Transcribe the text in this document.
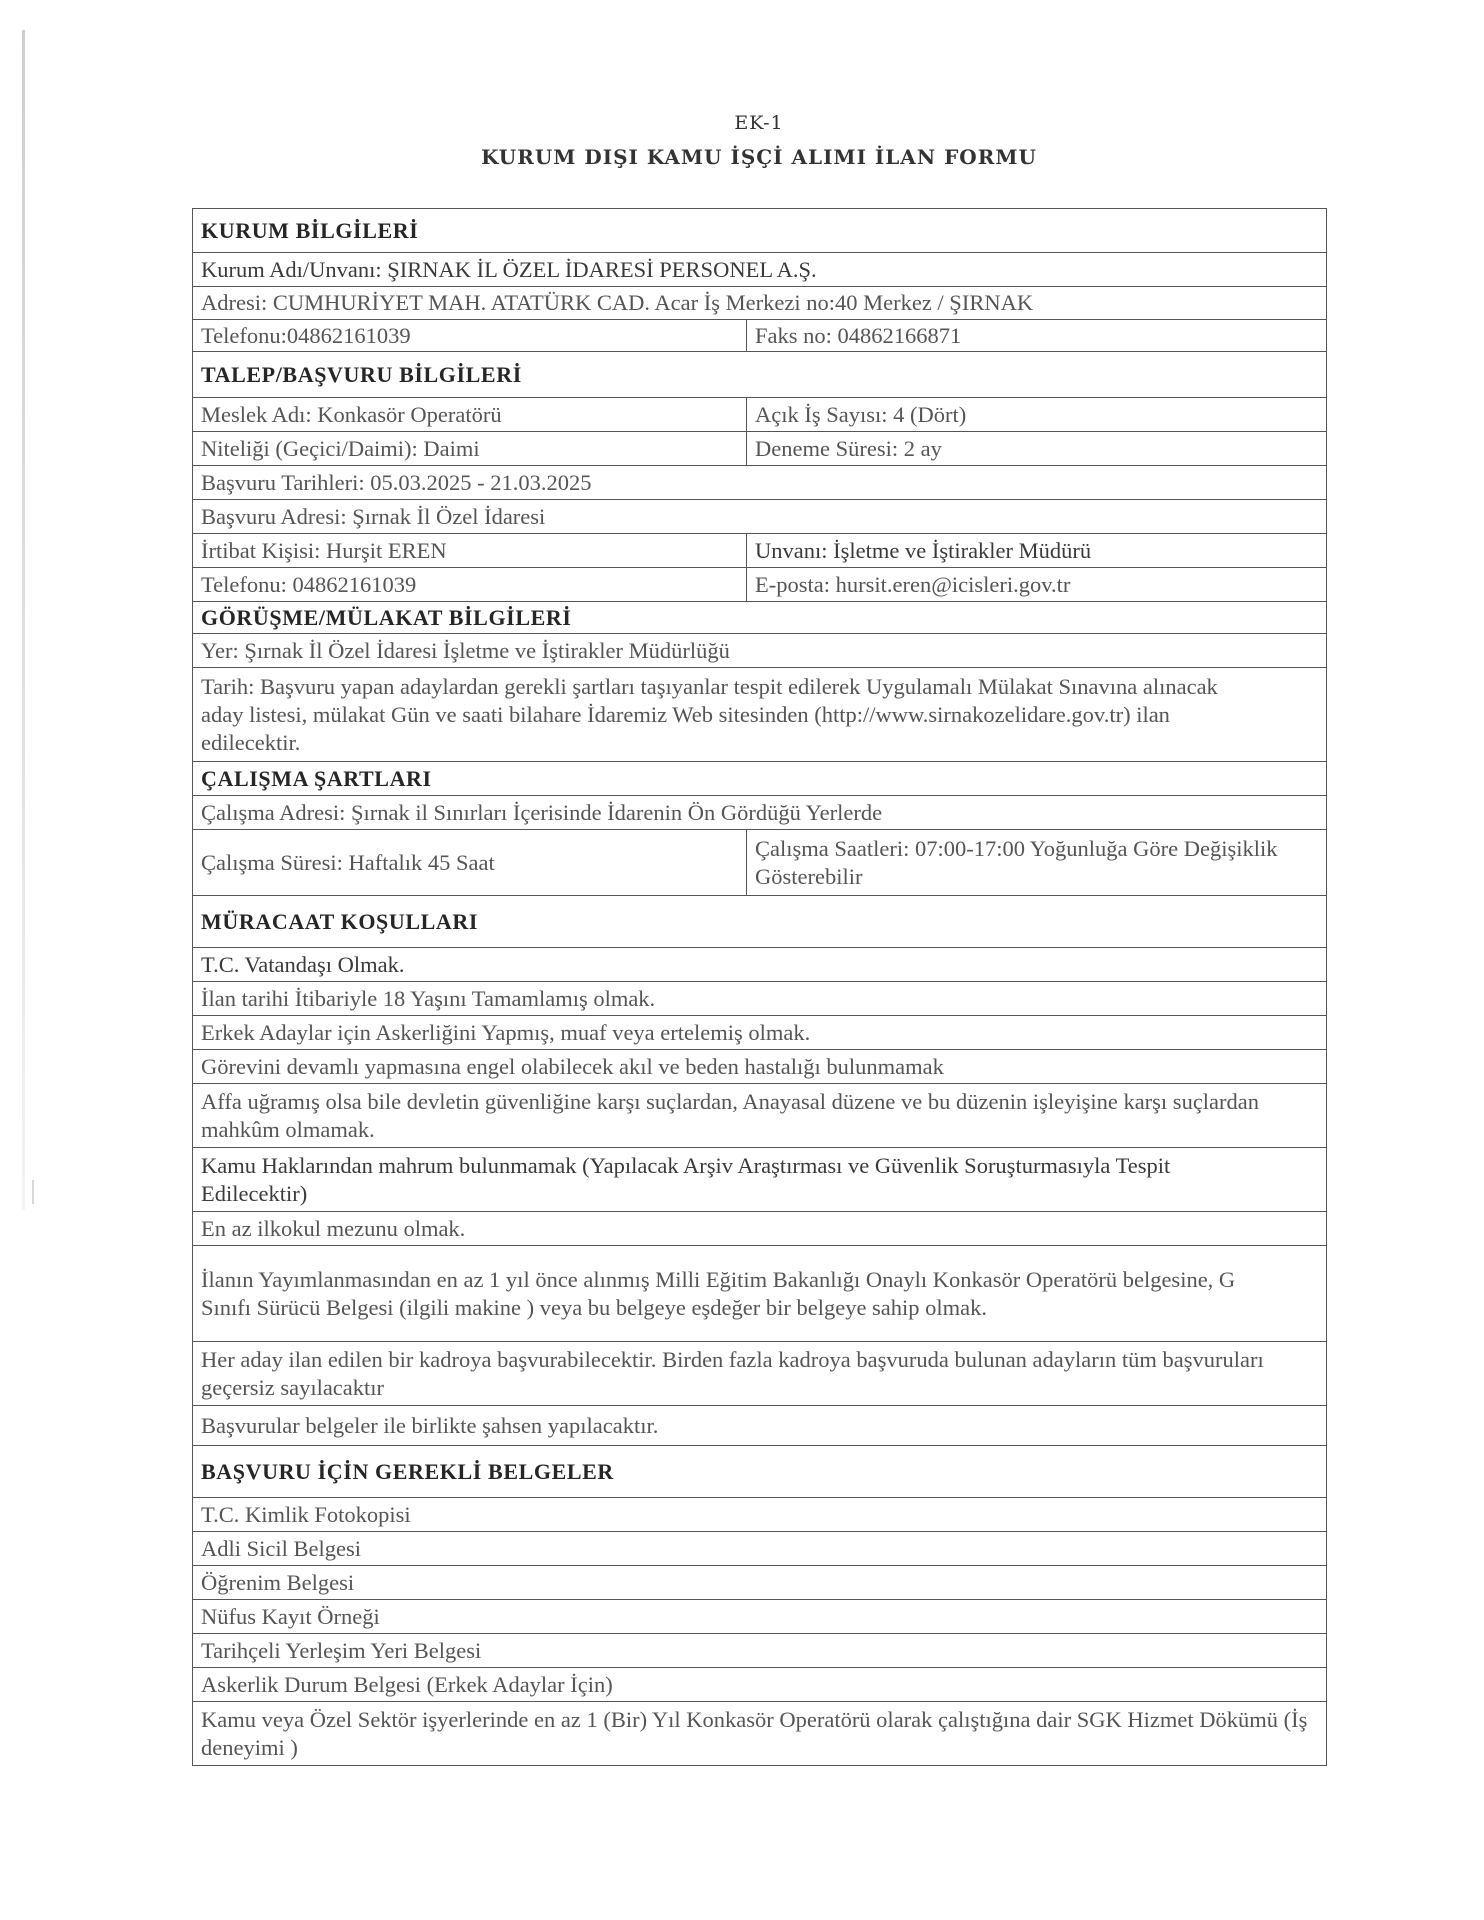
EK-1
KURUM DIŞI KAMU İŞÇİ ALIMI İLAN FORMU
KURUM BİLGİLERİ	
Kurum Adı/Unvanı: ŞIRNAK İL ÖZEL İDARESİ PERSONEL A.Ş.	
Adresi: CUMHURİYET MAH. ATATÜRK CAD. Acar İş Merkezi no:40 Merkez / ŞIRNAK	
Telefonu:04862161039	Faks no: 04862166871
TALEP/BAŞVURU BİLGİLERİ	
Meslek Adı: Konkasör Operatörü	Açık İş Sayısı: 4 (Dört)
Niteliği (Geçici/Daimi): Daimi	Deneme Süresi: 2 ay
Başvuru Tarihleri: 05.03.2025 - 21.03.2025	
Başvuru Adresi: Şırnak İl Özel İdaresi	
İrtibat Kişisi: Hurşit EREN	Unvanı: İşletme ve İştirakler Müdürü
Telefonu: 04862161039	E-posta: hursit.eren@icisleri.gov.tr
GÖRÜŞME/MÜLAKAT BİLGİLERİ	
Yer: Şırnak İl Özel İdaresi İşletme ve İştirakler Müdürlüğü	
Tarih: Başvuru yapan adaylardan gerekli şartları taşıyanlar tespit edilerek Uygulamalı Mülakat Sınavına alınacak aday listesi, mülakat Gün ve saati bilahare İdaremiz Web sitesinden (http://www.sirnakozelidare.gov.tr) ilan edilecektir.	
ÇALIŞMA ŞARTLARI	
Çalışma Adresi: Şırnak il Sınırları İçerisinde İdarenin Ön Gördüğü Yerlerde	
Çalışma Süresi: Haftalık 45 Saat	Çalışma Saatleri: 07:00-17:00 Yoğunluğa Göre Değişiklik Gösterebilir
MÜRACAAT KOŞULLARI	
T.C. Vatandaşı Olmak.	
İlan tarihi İtibariyle 18 Yaşını Tamamlamış olmak.	
Erkek Adaylar için Askerliğini Yapmış, muaf veya ertelemiş olmak.	
Görevini devamlı yapmasına engel olabilecek akıl ve beden hastalığı bulunmamak	
Affa uğramış olsa bile devletin güvenliğine karşı suçlardan, Anayasal düzene ve bu düzenin işleyişine karşı suçlardan mahkûm olmamak.	
Kamu Haklarından mahrum bulunmamak (Yapılacak Arşiv Araştırması ve Güvenlik Soruşturmasıyla Tespit Edilecektir)	
En az ilkokul mezunu olmak.	
İlanın Yayımlanmasından en az 1 yıl önce alınmış Milli Eğitim Bakanlığı Onaylı Konkasör Operatörü belgesine, G Sınıfı Sürücü Belgesi (ilgili makine ) veya bu belgeye eşdeğer bir belgeye sahip olmak.	
Her aday ilan edilen bir kadroya başvurabilecektir. Birden fazla kadroya başvuruda bulunan adayların tüm başvuruları geçersiz sayılacaktır	
Başvurular belgeler ile birlikte şahsen yapılacaktır.	
BAŞVURU İÇİN GEREKLİ BELGELER	
T.C. Kimlik Fotokopisi	
Adli Sicil Belgesi	
Öğrenim Belgesi	
Nüfus Kayıt Örneği	
Tarihçeli Yerleşim Yeri Belgesi	
Askerlik Durum Belgesi (Erkek Adaylar İçin)	
Kamu veya Özel Sektör işyerlerinde en az 1 (Bir) Yıl Konkasör Operatörü olarak çalıştığına dair SGK Hizmet Dökümü (İş deneyimi )	
